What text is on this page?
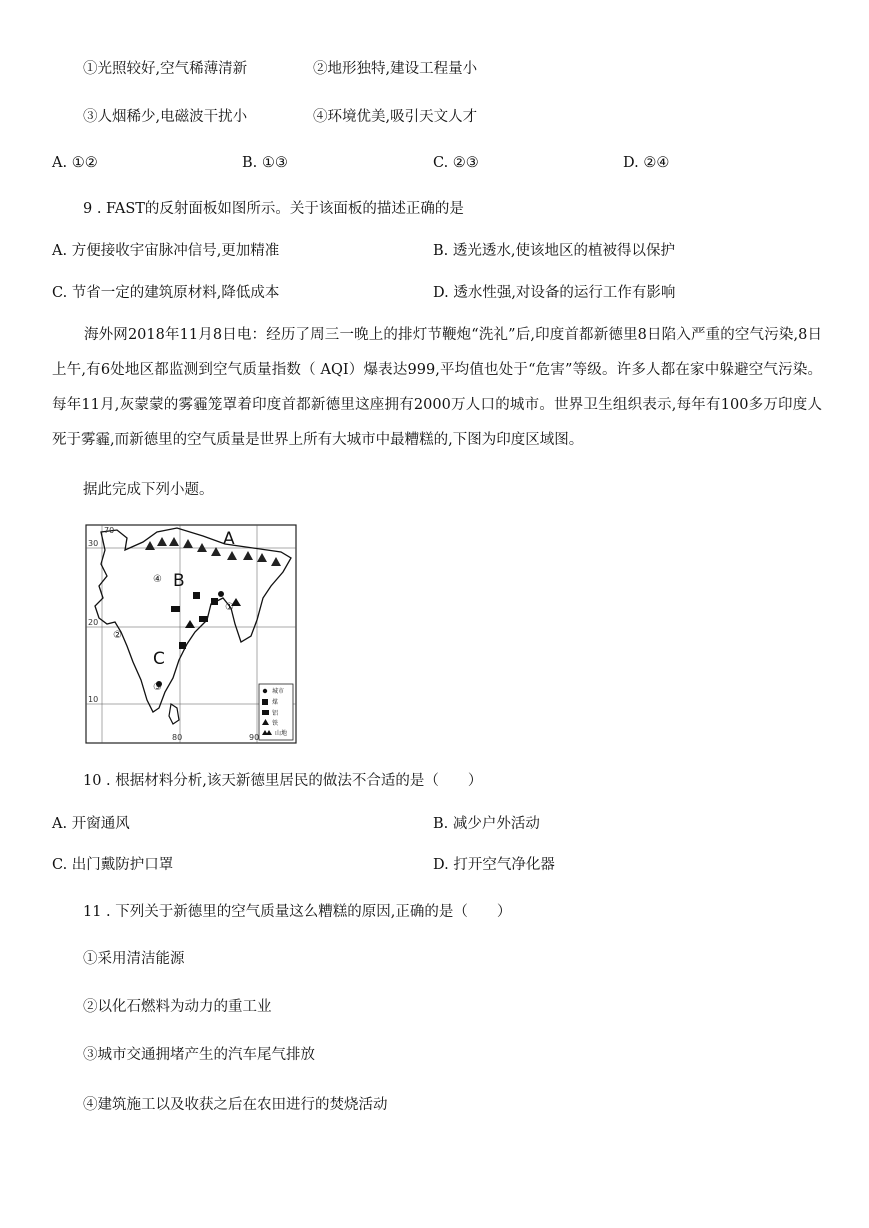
①光照较好,空气稀薄清新	②地形独特,建设工程量小
③人烟稀少,电磁波干扰小	④环境优美,吸引天文人才
A. ①②	B. ①③	C. ②③	D. ②④
9 . FAST的反射面板如图所示。关于该面板的描述正确的是
A. 方便接收宇宙脉冲信号,更加精准	B. 透光透水,使该地区的植被得以保护
C. 节省一定的建筑原材料,降低成本	D. 透水性强,对设备的运行工作有影响

海外网2018年11月8日电：经历了周三一晚上的排灯节鞭炮“洗礼”后,印度首都新德里8日陷入严重的空气污染,8日上午,有6处地区都监测到空气质量指数（ AQI）爆表达999,平均值也处于“危害”等级。许多人都在家中躲避空气污染。每年11月,灰蒙蒙的雾霾笼罩着印度首都新德里这座拥有2000万人口的城市。世界卫生组织表示,每年有100多万印度人死于雾霾,而新德里的空气质量是世界上所有大城市中最糟糕的,下图为印度区域图。

据此完成下列小题。
①
②
③
④
A
B
C
30
20
10
70
80	90
城市
煤
铝
铁
山地
10 . 根据材料分析,该天新德里居民的做法不合适的是（　　）
A. 开窗通风	B. 减少户外活动
C. 出门戴防护口罩	D. 打开空气净化器
11 . 下列关于新德里的空气质量这么糟糕的原因,正确的是（　　）
①采用清洁能源
②以化石燃料为动力的重工业
③城市交通拥堵产生的汽车尾气排放
④建筑施工以及收获之后在农田进行的焚烧活动
